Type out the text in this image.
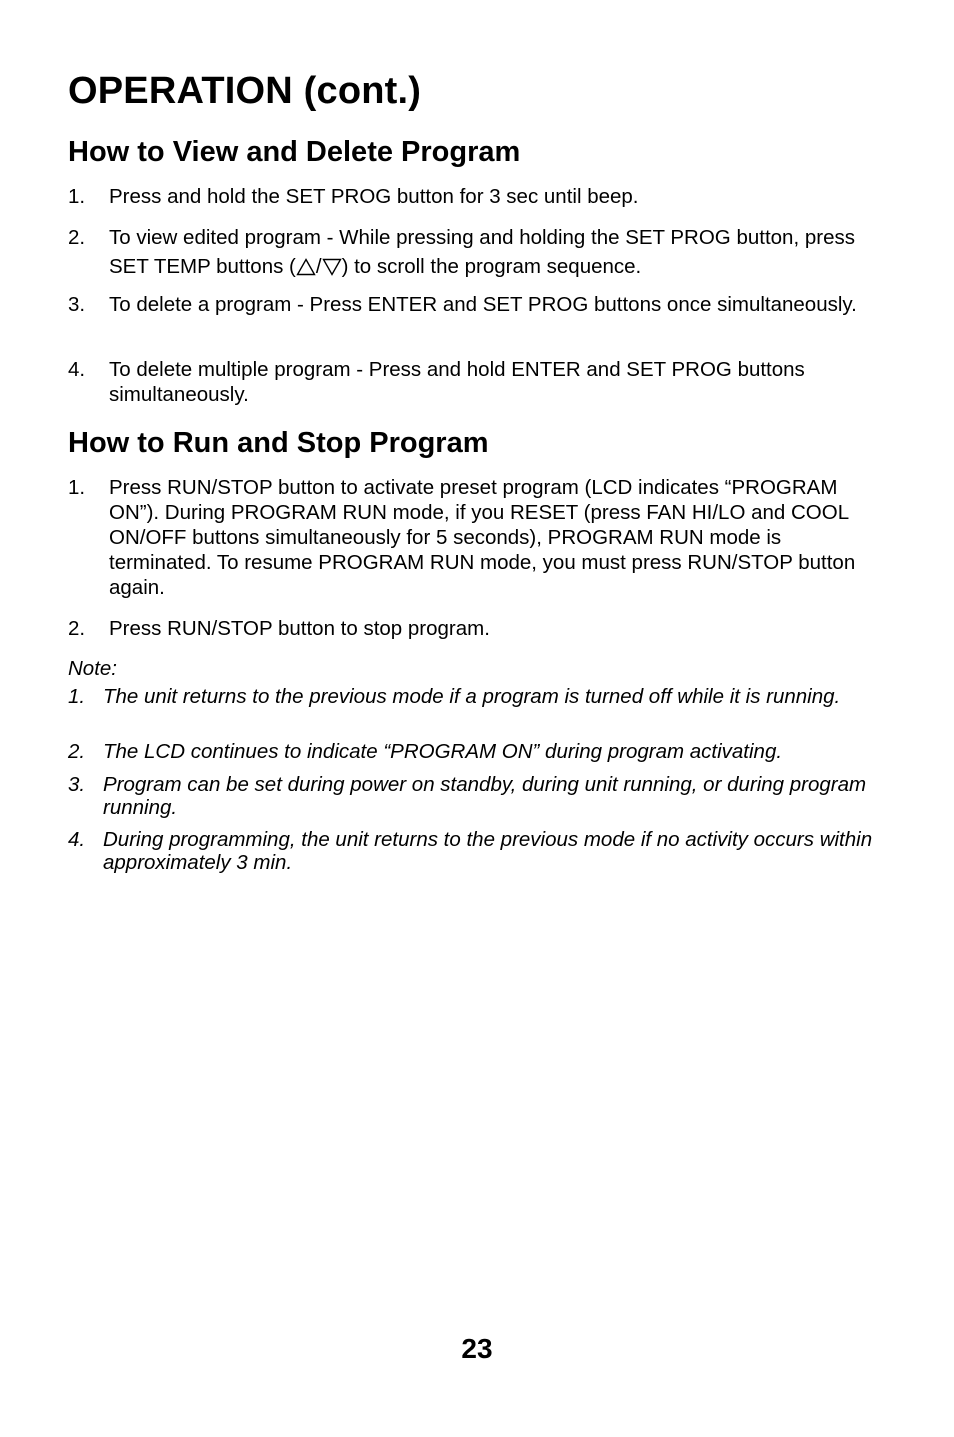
OPERATION (cont.)
How to View and Delete Program
1. Press and hold the SET PROG button for 3 sec until beep.
2. To view edited program - While pressing and holding the SET PROG button, press SET TEMP buttons ( / ) to scroll the program sequence.
3. To delete a program - Press ENTER and SET PROG buttons once simultaneously.
4. To delete multiple program - Press and hold ENTER and SET PROG buttons simultaneously.
How to Run and Stop Program
1. Press RUN/STOP button to activate preset program (LCD indicates “PROGRAM ON”). During PROGRAM RUN mode, if you RESET (press FAN HI/LO and COOL ON/OFF buttons simultaneously for 5 seconds), PROGRAM RUN mode is terminated. To resume PROGRAM RUN mode, you must press RUN/STOP button again.
2. Press RUN/STOP button to stop program.
Note:
1. The unit returns to the previous mode if a program is turned off while it is running.
2. The LCD continues to indicate “PROGRAM ON” during program activating.
3. Program can be set during power on standby, during unit running, or during program running.
4. During programming, the unit returns to the previous mode if no activity occurs within approximately 3 min.
23
